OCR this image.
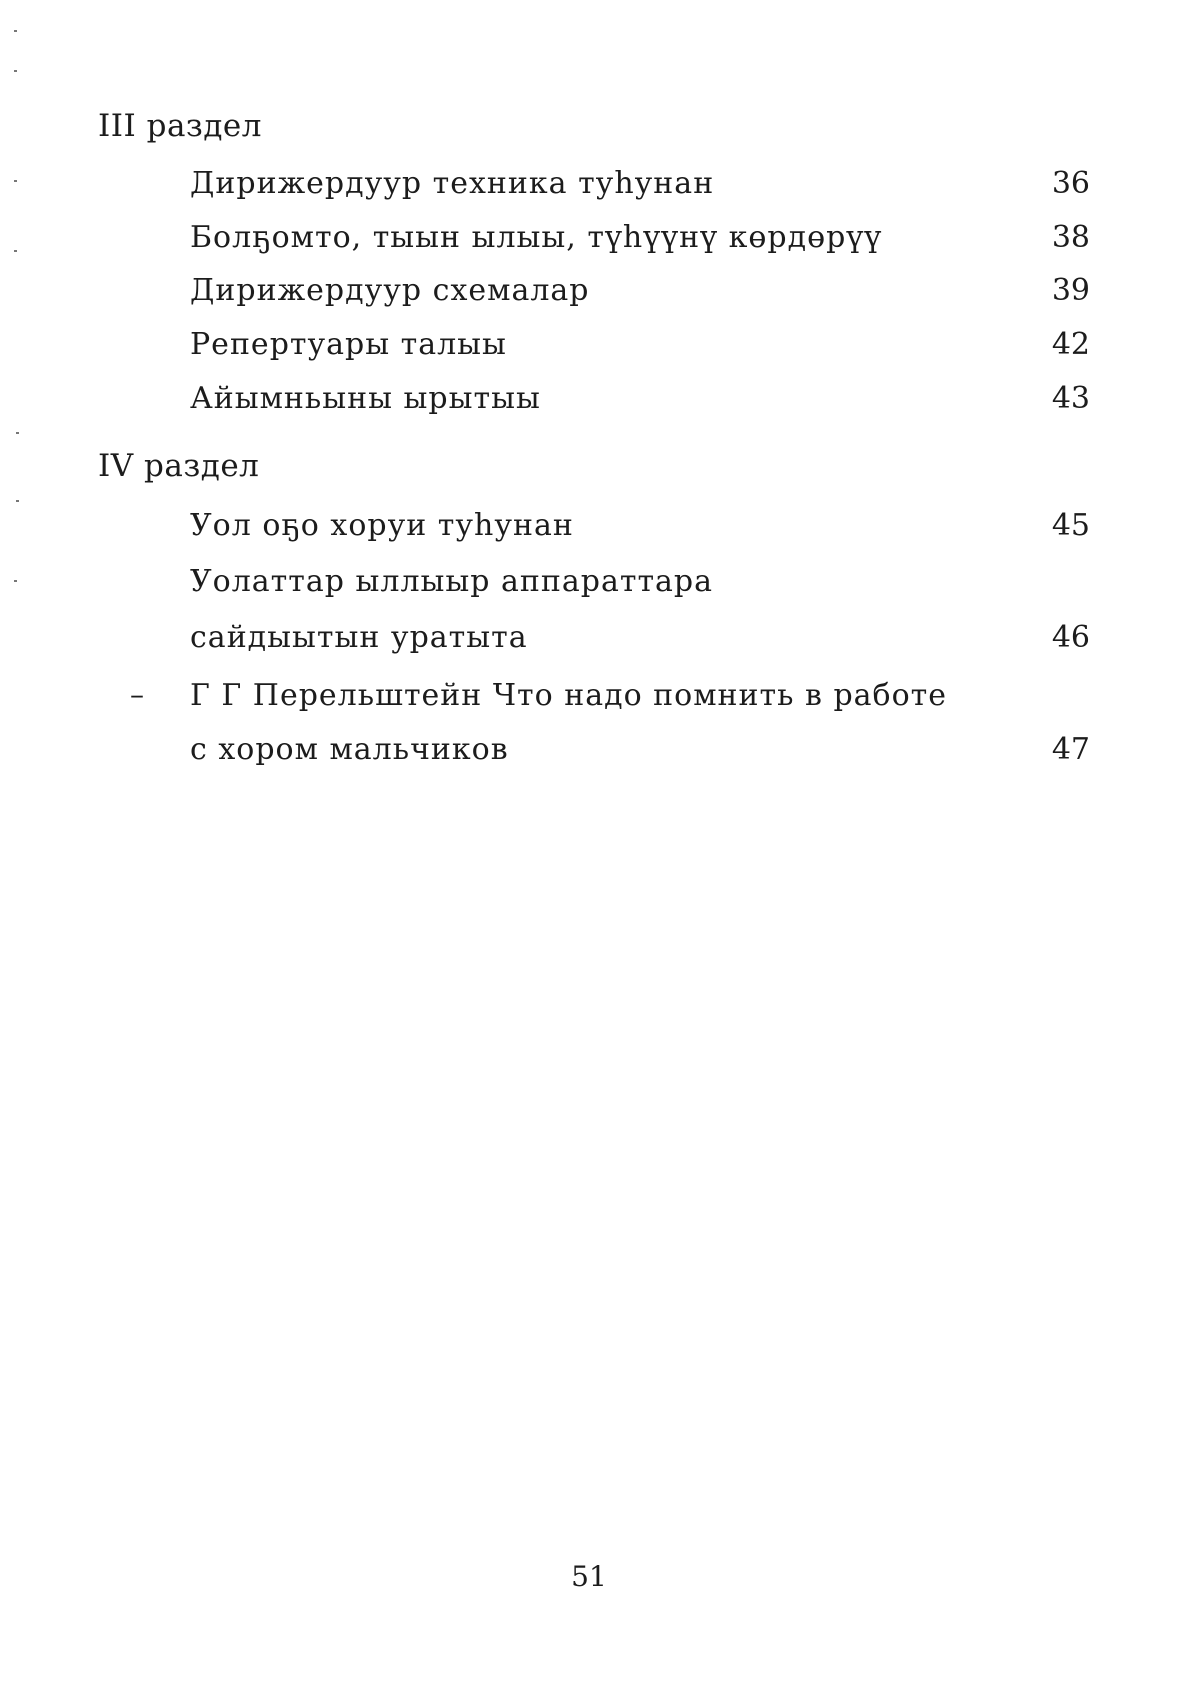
III раздел
Дирижердуур техника туһунан	36
Болҕомто, тыын ылыы, түһүүнү көрдөрүү	38
Дирижердуур схемалар	39
Репертуары талыы	42
Айымньыны ырытыы	43
IV раздел
Уол оҕо хоруи туһунан	45
Уолаттар ыллыыр аппараттара
сайдыытын уратыта	46
– Г Г Перельштейн Что надо помнить в работе
с хором мальчиков	47
51
